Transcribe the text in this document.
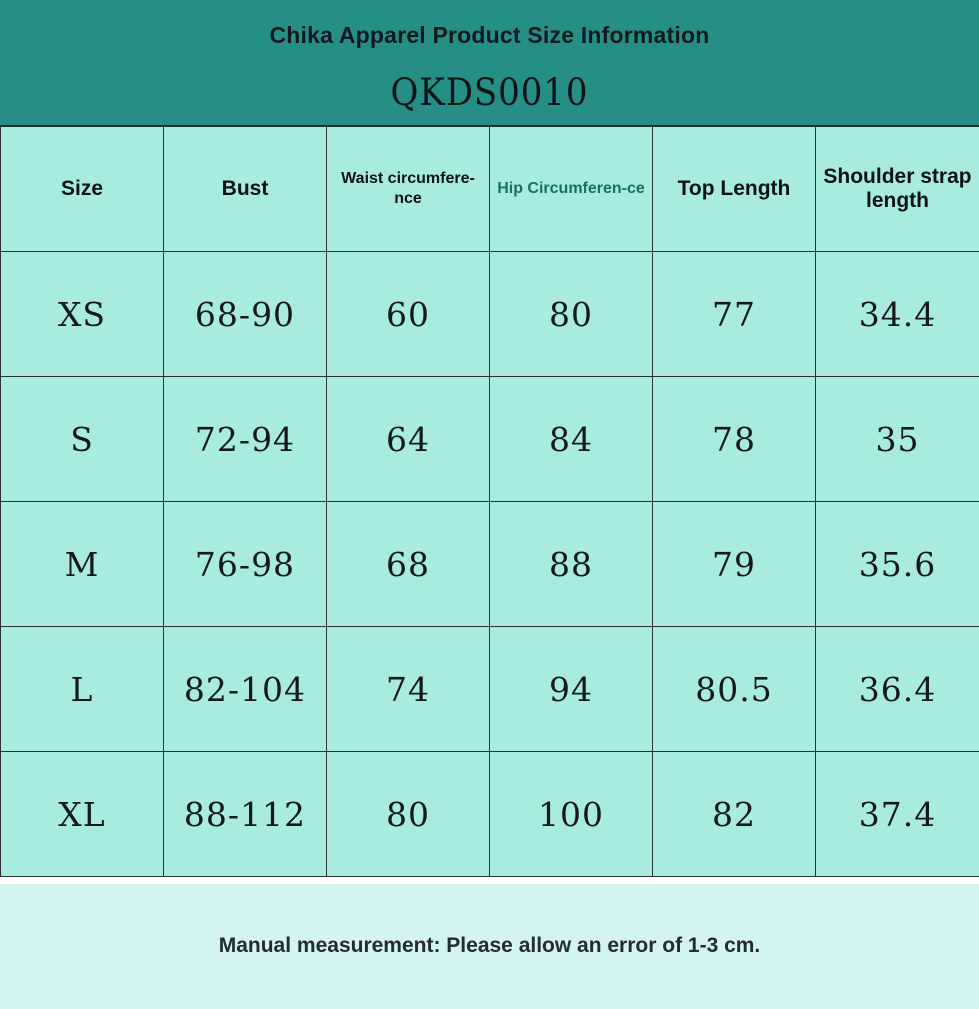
Chika Apparel Product Size Information
QKDS0010
Size	Bust	Waist circumfere-nce	Hip Circumferen-ce	Top Length	Shoulder strap length
XS	68-90	60	80	77	34.4
S	72-94	64	84	78	35
M	76-98	68	88	79	35.6
L	82-104	74	94	80.5	36.4
XL	88-112	80	100	82	37.4
Manual measurement: Please allow an error of 1-3 cm.
